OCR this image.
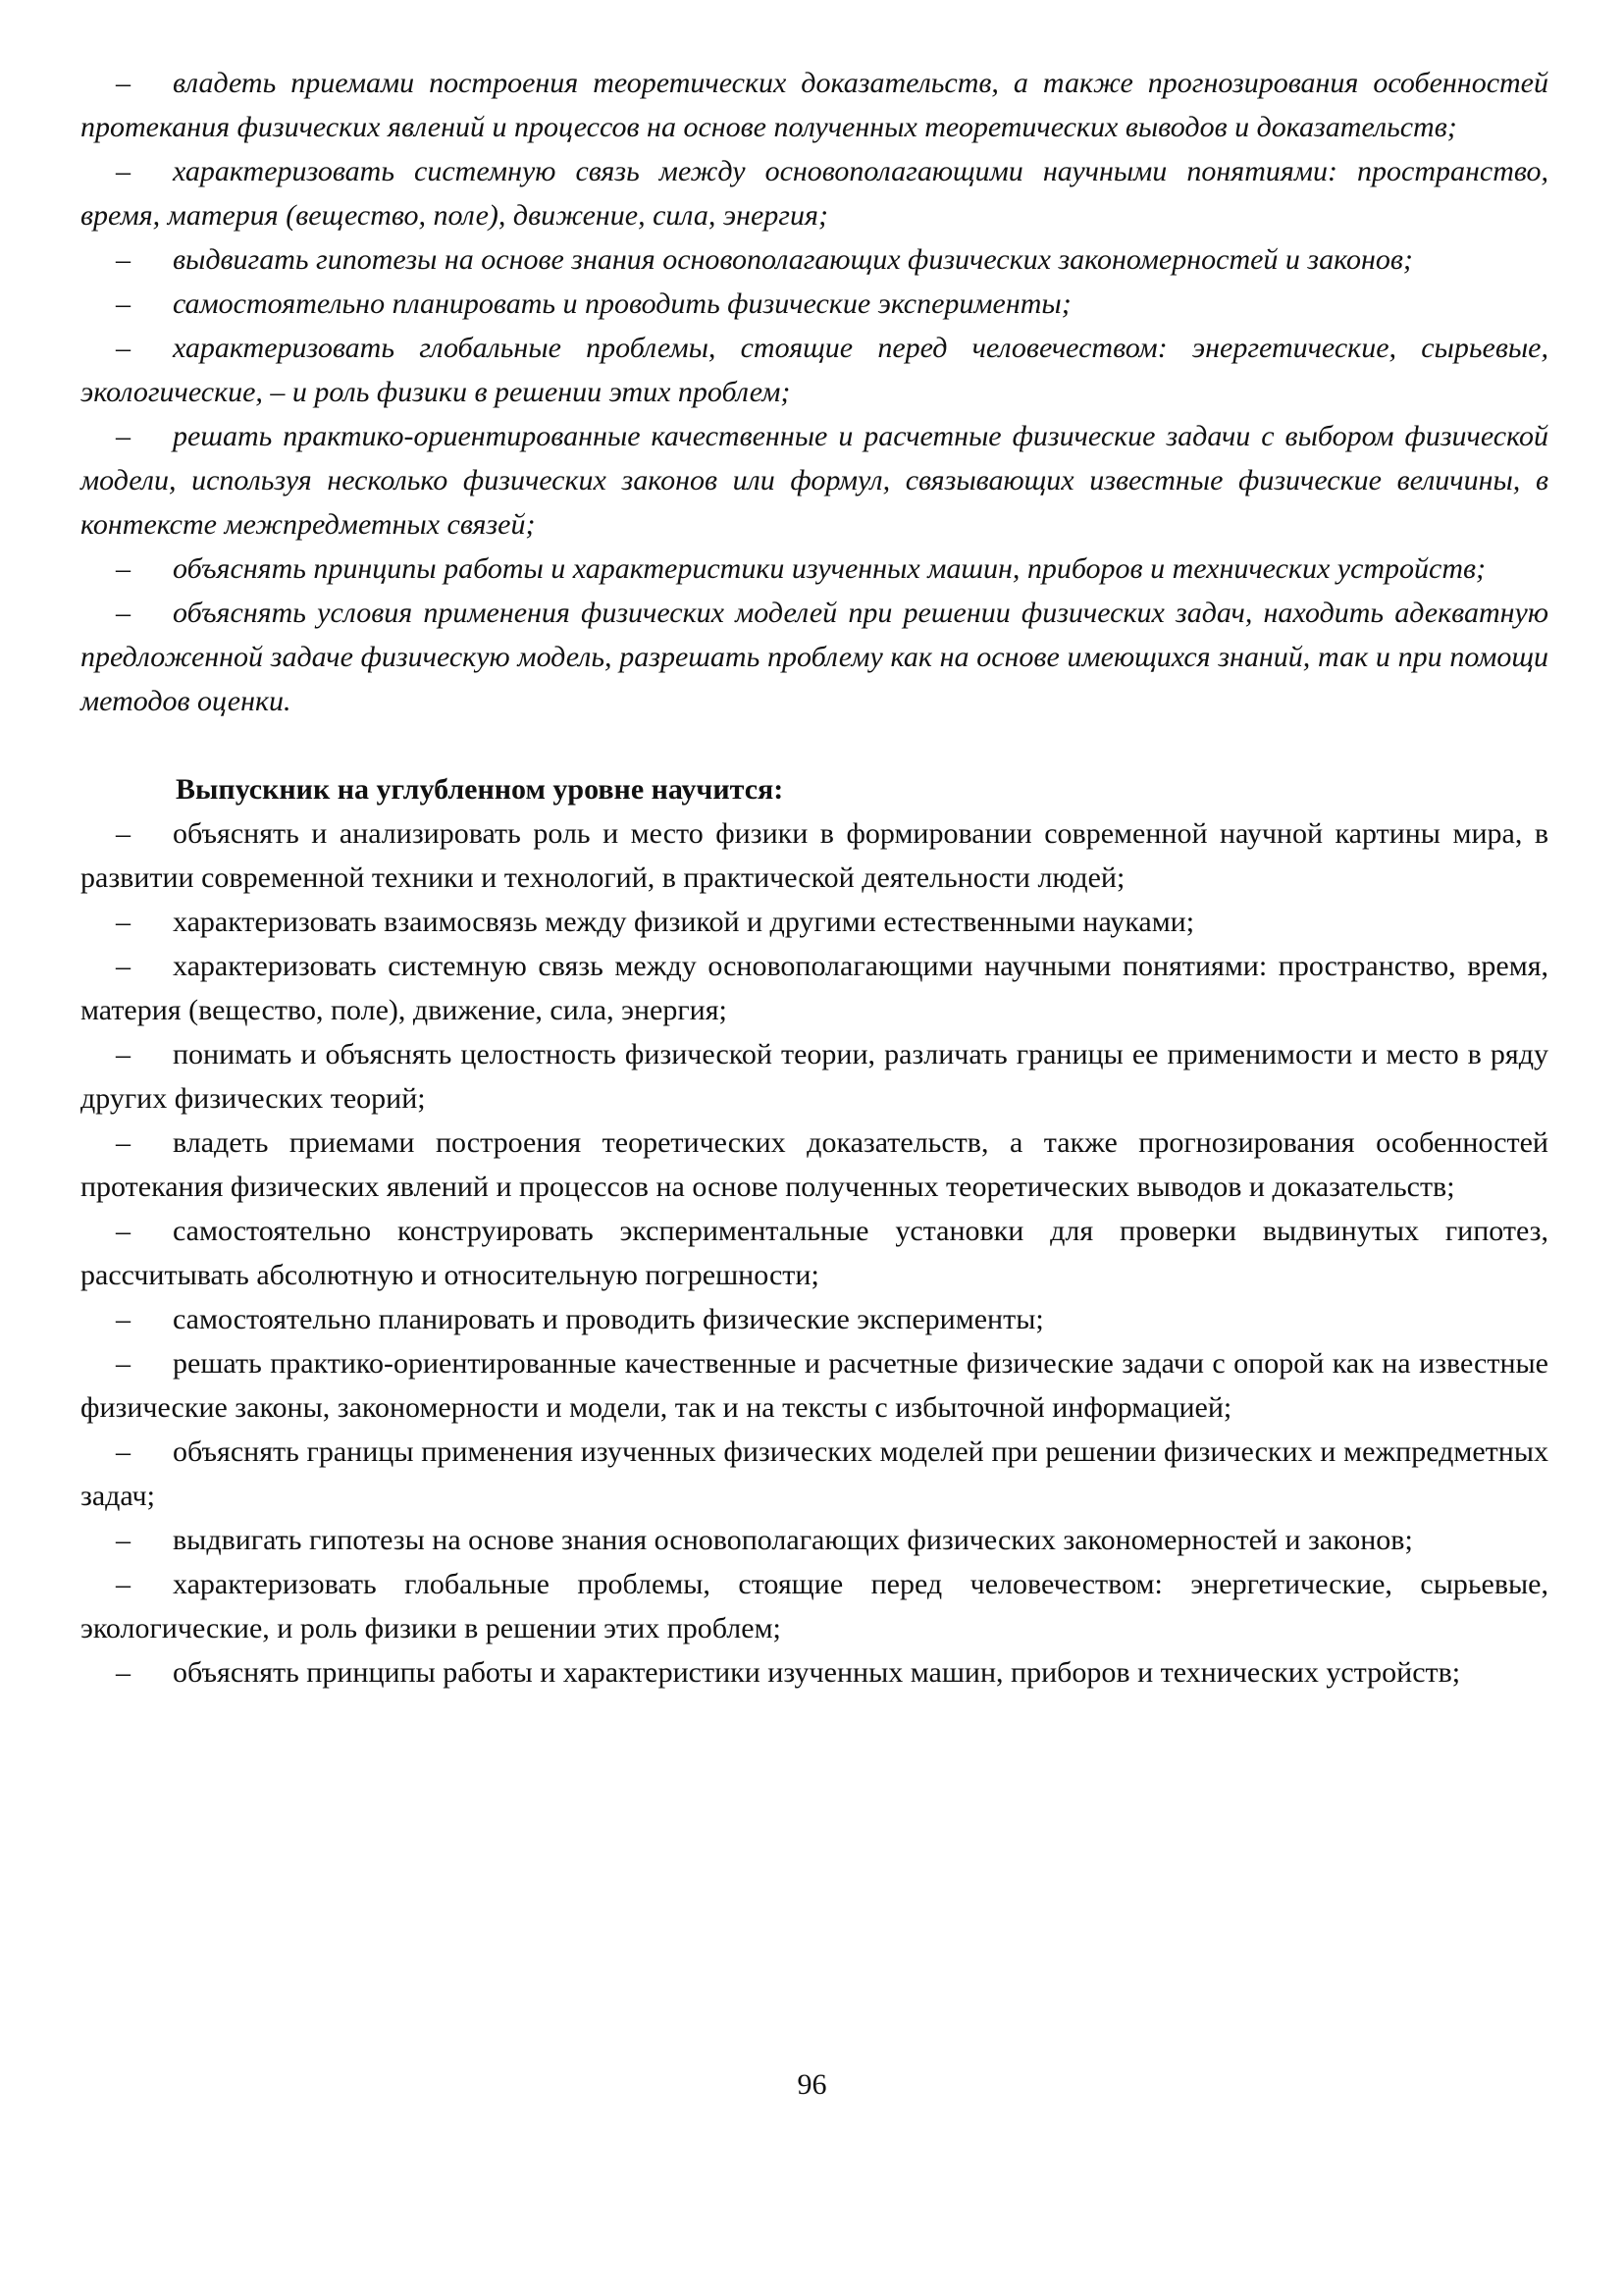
– владеть приемами построения теоретических доказательств, а также прогнозирования особенностей протекания физических явлений и процессов на основе полученных теоретических выводов и доказательств;

– характеризовать системную связь между основополагающими научными понятиями: пространство, время, материя (вещество, поле), движение, сила, энергия;

– выдвигать гипотезы на основе знания основополагающих физических закономерностей и законов;

– самостоятельно планировать и проводить физические эксперименты;

– характеризовать глобальные проблемы, стоящие перед человечеством: энергетические, сырьевые, экологические, – и роль физики в решении этих проблем;

– решать практико-ориентированные качественные и расчетные физические задачи с выбором физической модели, используя несколько физических законов или формул, связывающих известные физические величины, в контексте межпредметных связей;

– объяснять принципы работы и характеристики изученных машин, приборов и технических устройств;

– объяснять условия применения физических моделей при решении физических задач, находить адекватную предложенной задаче физическую модель, разрешать проблему как на основе имеющихся знаний, так и при помощи методов оценки.

Выпускник на углубленном уровне научится:

– объяснять и анализировать роль и место физики в формировании современной научной картины мира, в развитии современной техники и технологий, в практической деятельности людей;

– характеризовать взаимосвязь между физикой и другими естественными науками;

– характеризовать системную связь между основополагающими научными понятиями: пространство, время, материя (вещество, поле), движение, сила, энергия;

– понимать и объяснять целостность физической теории, различать границы ее применимости и место в ряду других физических теорий;

– владеть приемами построения теоретических доказательств, а также прогнозирования особенностей протекания физических явлений и процессов на основе полученных теоретических выводов и доказательств;

– самостоятельно конструировать экспериментальные установки для проверки выдвинутых гипотез, рассчитывать абсолютную и относительную погрешности;

– самостоятельно планировать и проводить физические эксперименты;

– решать практико-ориентированные качественные и расчетные физические задачи с опорой как на известные физические законы, закономерности и модели, так и на тексты с избыточной информацией;

– объяснять границы применения изученных физических моделей при решении физических и межпредметных задач;

– выдвигать гипотезы на основе знания основополагающих физических закономерностей и законов;

– характеризовать глобальные проблемы, стоящие перед человечеством: энергетические, сырьевые, экологические, и роль физики в решении этих проблем;

– объяснять принципы работы и характеристики изученных машин, приборов и технических устройств;

96
